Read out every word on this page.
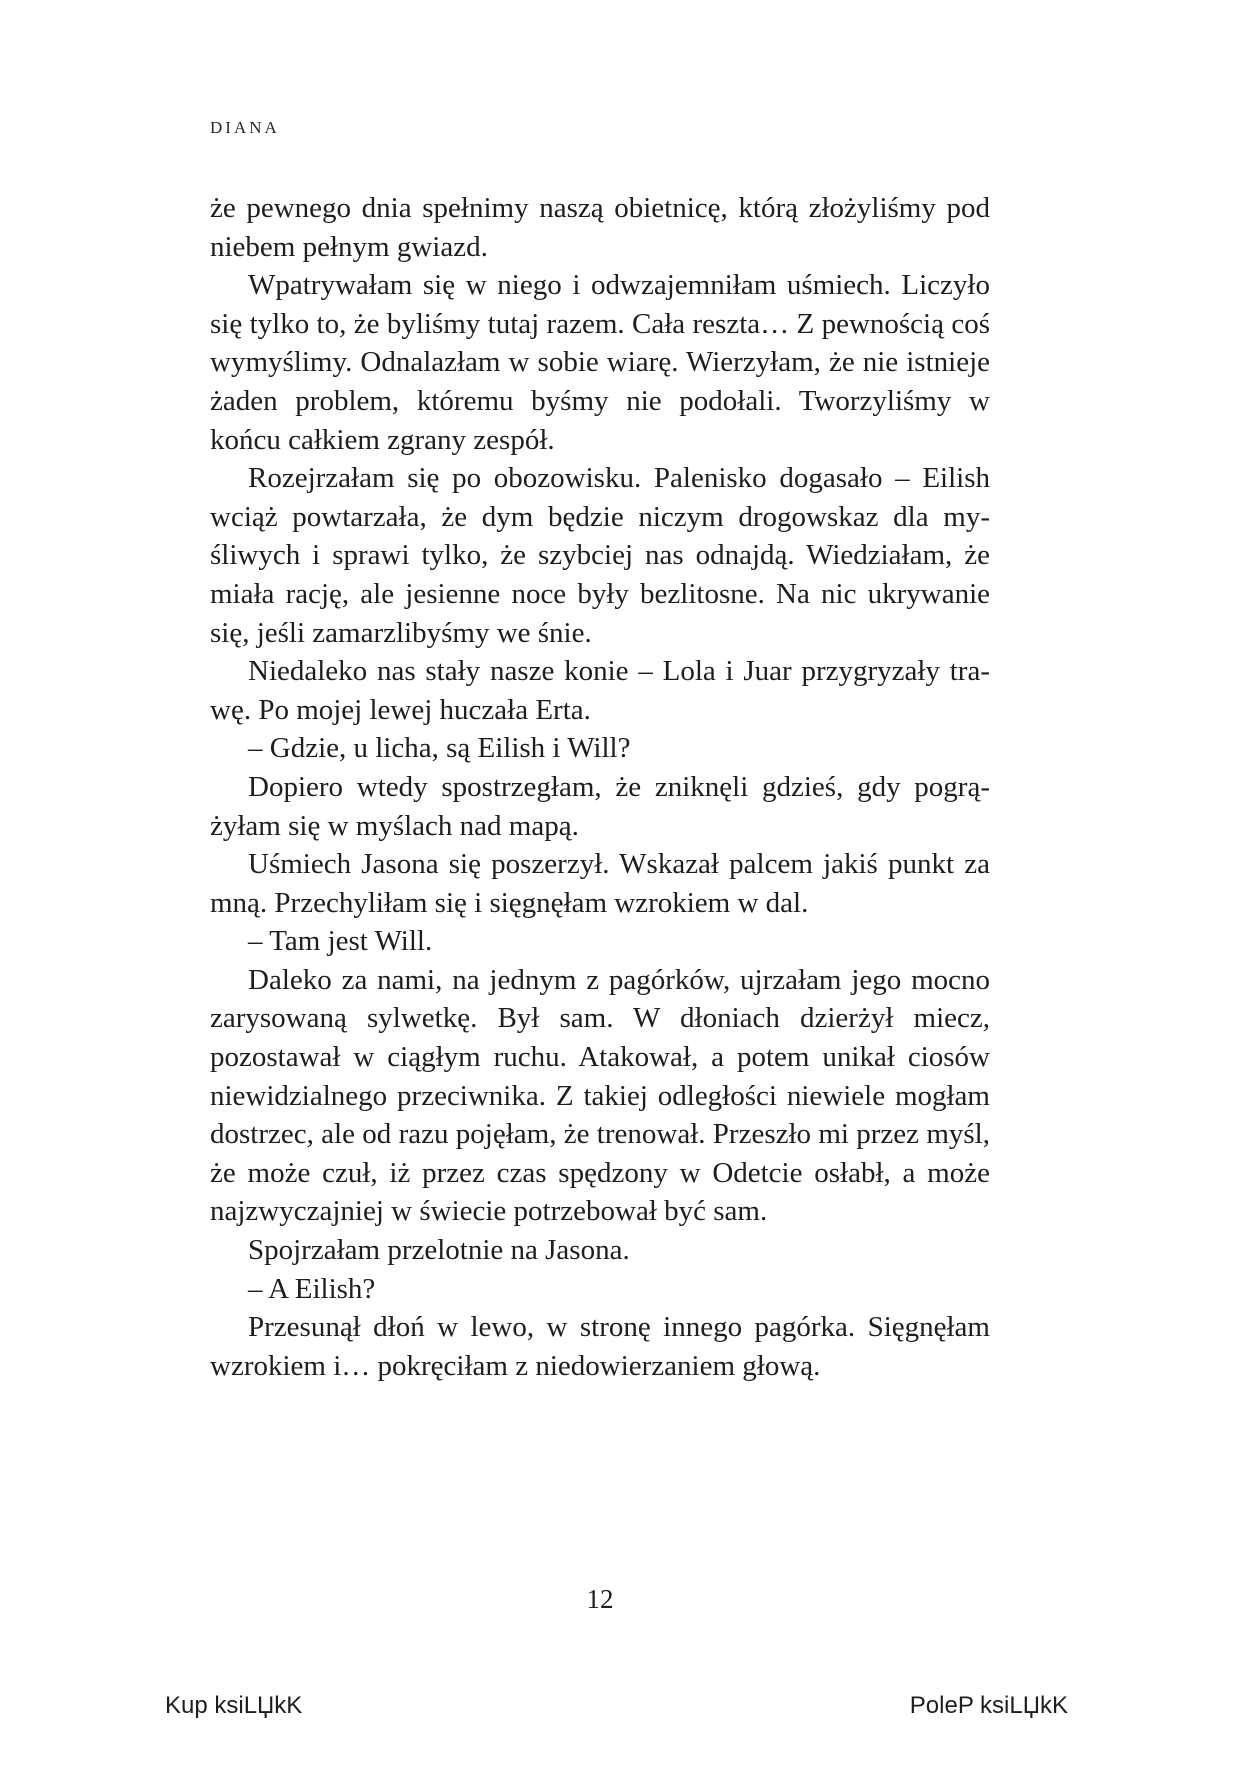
DIANA

że pewnego dnia spełnimy naszą obietnicę, którą złożyliśmy pod niebem pełnym gwiazd.

Wpatrywałam się w niego i odwzajemniłam uśmiech. Liczyło się tylko to, że byliśmy tutaj razem. Cała reszta… Z pewnością coś wymyślimy. Odnalazłam w sobie wiarę. Wierzyłam, że nie istnieje żaden problem, któremu byśmy nie podołali. Tworzyliśmy w końcu całkiem zgrany zespół.

Rozejrzałam się po obozowisku. Palenisko dogasało – Eilish wciąż powtarzała, że dym będzie niczym drogowskaz dla myśliwych i sprawi tylko, że szybciej nas odnajdą. Wiedziałam, że miała rację, ale jesienne noce były bezlitosne. Na nic ukrywanie się, jeśli zamarzlibyśmy we śnie.

Niedaleko nas stały nasze konie – Lola i Juar przygryzały trawę. Po mojej lewej huczała Erta.

– Gdzie, u licha, są Eilish i Will?

Dopiero wtedy spostrzegłam, że zniknęli gdzieś, gdy pogrążyłam się w myślach nad mapą.

Uśmiech Jasona się poszerzył. Wskazał palcem jakiś punkt za mną. Przechyliłam się i sięgnęłam wzrokiem w dal.

– Tam jest Will.

Daleko za nami, na jednym z pagórków, ujrzałam jego mocno zarysowaną sylwetkę. Był sam. W dłoniach dzierżył miecz, pozostawał w ciągłym ruchu. Atakował, a potem unikał ciosów niewidzialnego przeciwnika. Z takiej odległości niewiele mogłam dostrzec, ale od razu pojęłam, że trenował. Przeszło mi przez myśl, że może czuł, iż przez czas spędzony w Odetcie osłabł, a może najzwyczajniej w świecie potrzebował być sam.

Spojrzałam przelotnie na Jasona.

– A Eilish?

Przesunął dłoń w lewo, w stronę innego pagórka. Sięgnęłam wzrokiem i… pokręciłam z niedowierzaniem głową.

12
Kup ksiLЏkK	PoleP ksiLЏkK
